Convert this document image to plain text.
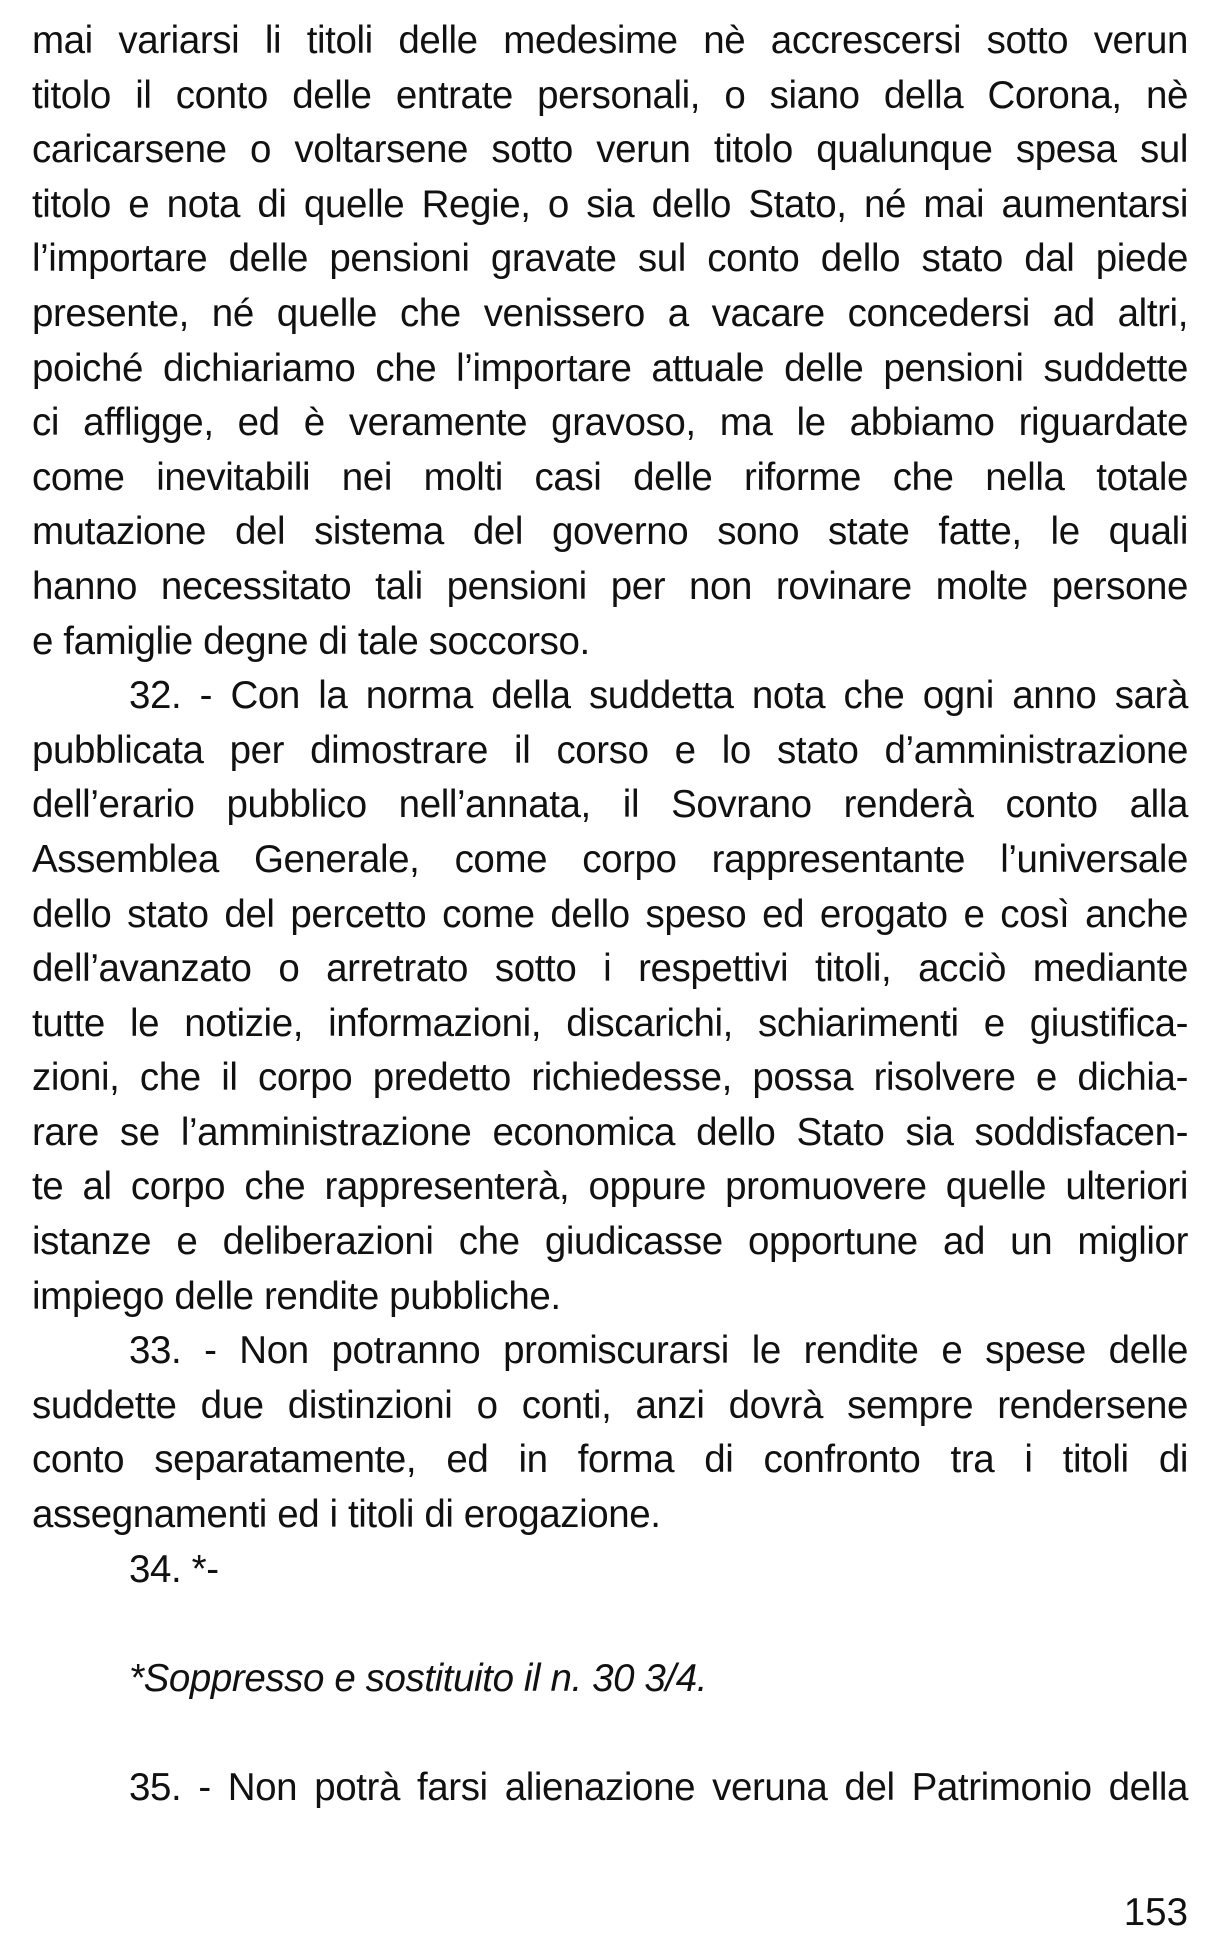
mai variarsi li titoli delle medesime nè accrescersi sotto verun
titolo il conto delle entrate personali, o siano della Corona, nè
caricarsene o voltarsene sotto verun titolo qualunque spesa sul
titolo e nota di quelle Regie, o sia dello Stato, né mai aumentarsi
l’importare delle pensioni gravate sul conto dello stato dal piede
presente, né quelle che venissero a vacare concedersi ad altri,
poiché dichiariamo che l’importare attuale delle pensioni suddette
ci affligge, ed è veramente gravoso, ma le abbiamo riguardate
come inevitabili nei molti casi delle riforme che nella totale
mutazione del sistema del governo sono state fatte, le quali
hanno necessitato tali pensioni per non rovinare molte persone
e famiglie degne di tale soccorso.
32. - Con la norma della suddetta nota che ogni anno sarà
pubblicata per dimostrare il corso e lo stato d’amministrazione
dell’erario pubblico nell’annata, il Sovrano renderà conto alla
Assemblea Generale, come corpo rappresentante l’universale
dello stato del percetto come dello speso ed erogato e così anche
dell’avanzato o arretrato sotto i respettivi titoli, acciò mediante
tutte le notizie, informazioni, discarichi, schiarimenti e giustifica-
zioni, che il corpo predetto richiedesse, possa risolvere e dichia-
rare se l’amministrazione economica dello Stato sia soddisfacen-
te al corpo che rappresenterà, oppure promuovere quelle ulteriori
istanze e deliberazioni che giudicasse opportune ad un miglior
impiego delle rendite pubbliche.
33. - Non potranno promiscurarsi le rendite e spese delle
suddette due distinzioni o conti, anzi dovrà sempre rendersene
conto separatamente, ed in forma di confronto tra i titoli di
assegnamenti ed i titoli di erogazione.
34. *-
*Soppresso e sostituito il n. 30 3/4.
35. - Non potrà farsi alienazione veruna del Patrimonio della
153
